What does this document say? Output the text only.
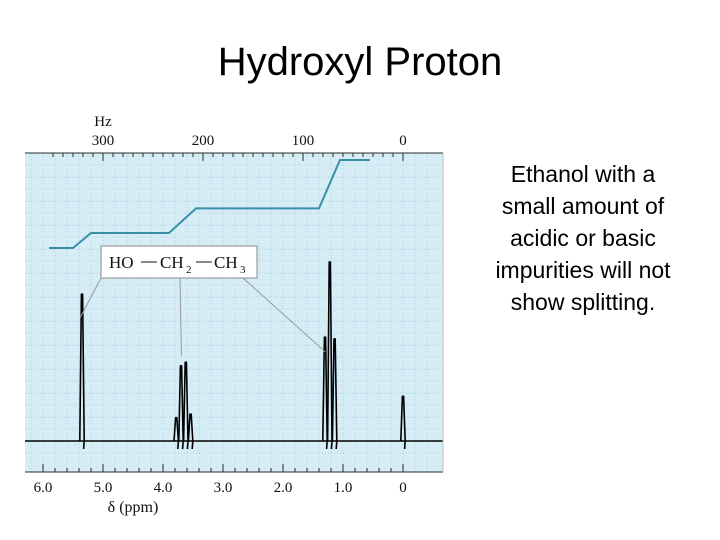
Hydroxyl Proton
HO CH 2 CH 3
6.0	5.0	4.0	3.0	2.0	1.0	0
300	200	100	0
Hz
δ (ppm)
Ethanol with a
small amount of
acidic or basic
impurities will not
show splitting.
